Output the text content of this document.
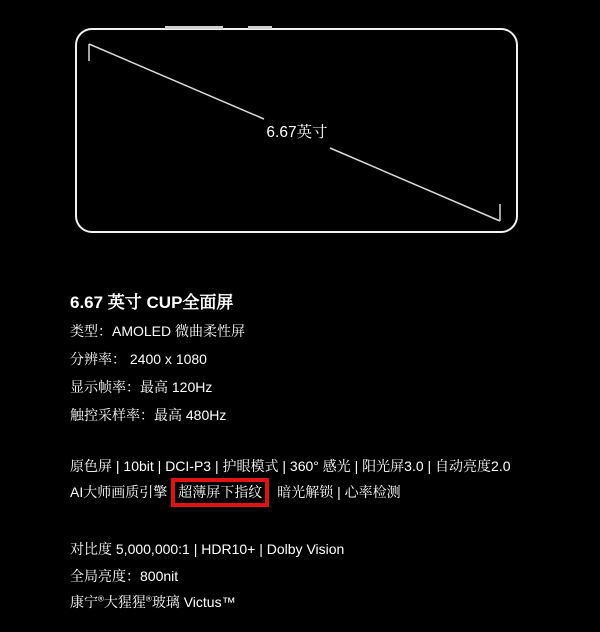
6.67英寸
6.67 英寸 CUP全面屏
类型：AMOLED 微曲柔性屏
分辨率： 2400 x 1080
显示帧率：最高 120Hz
触控采样率：最高 480Hz
原色屏 | 10bit | DCI-P3 | 护眼模式 | 360° 感光 | 阳光屏3.0 | 自动亮度2.0
AI大师画质引擎 超薄屏下指纹	暗光解锁 | 心率检测
对比度 5,000,000:1 | HDR10+ | Dolby Vision
全局亮度：800nit
康宁®大猩猩®玻璃 Victus™
